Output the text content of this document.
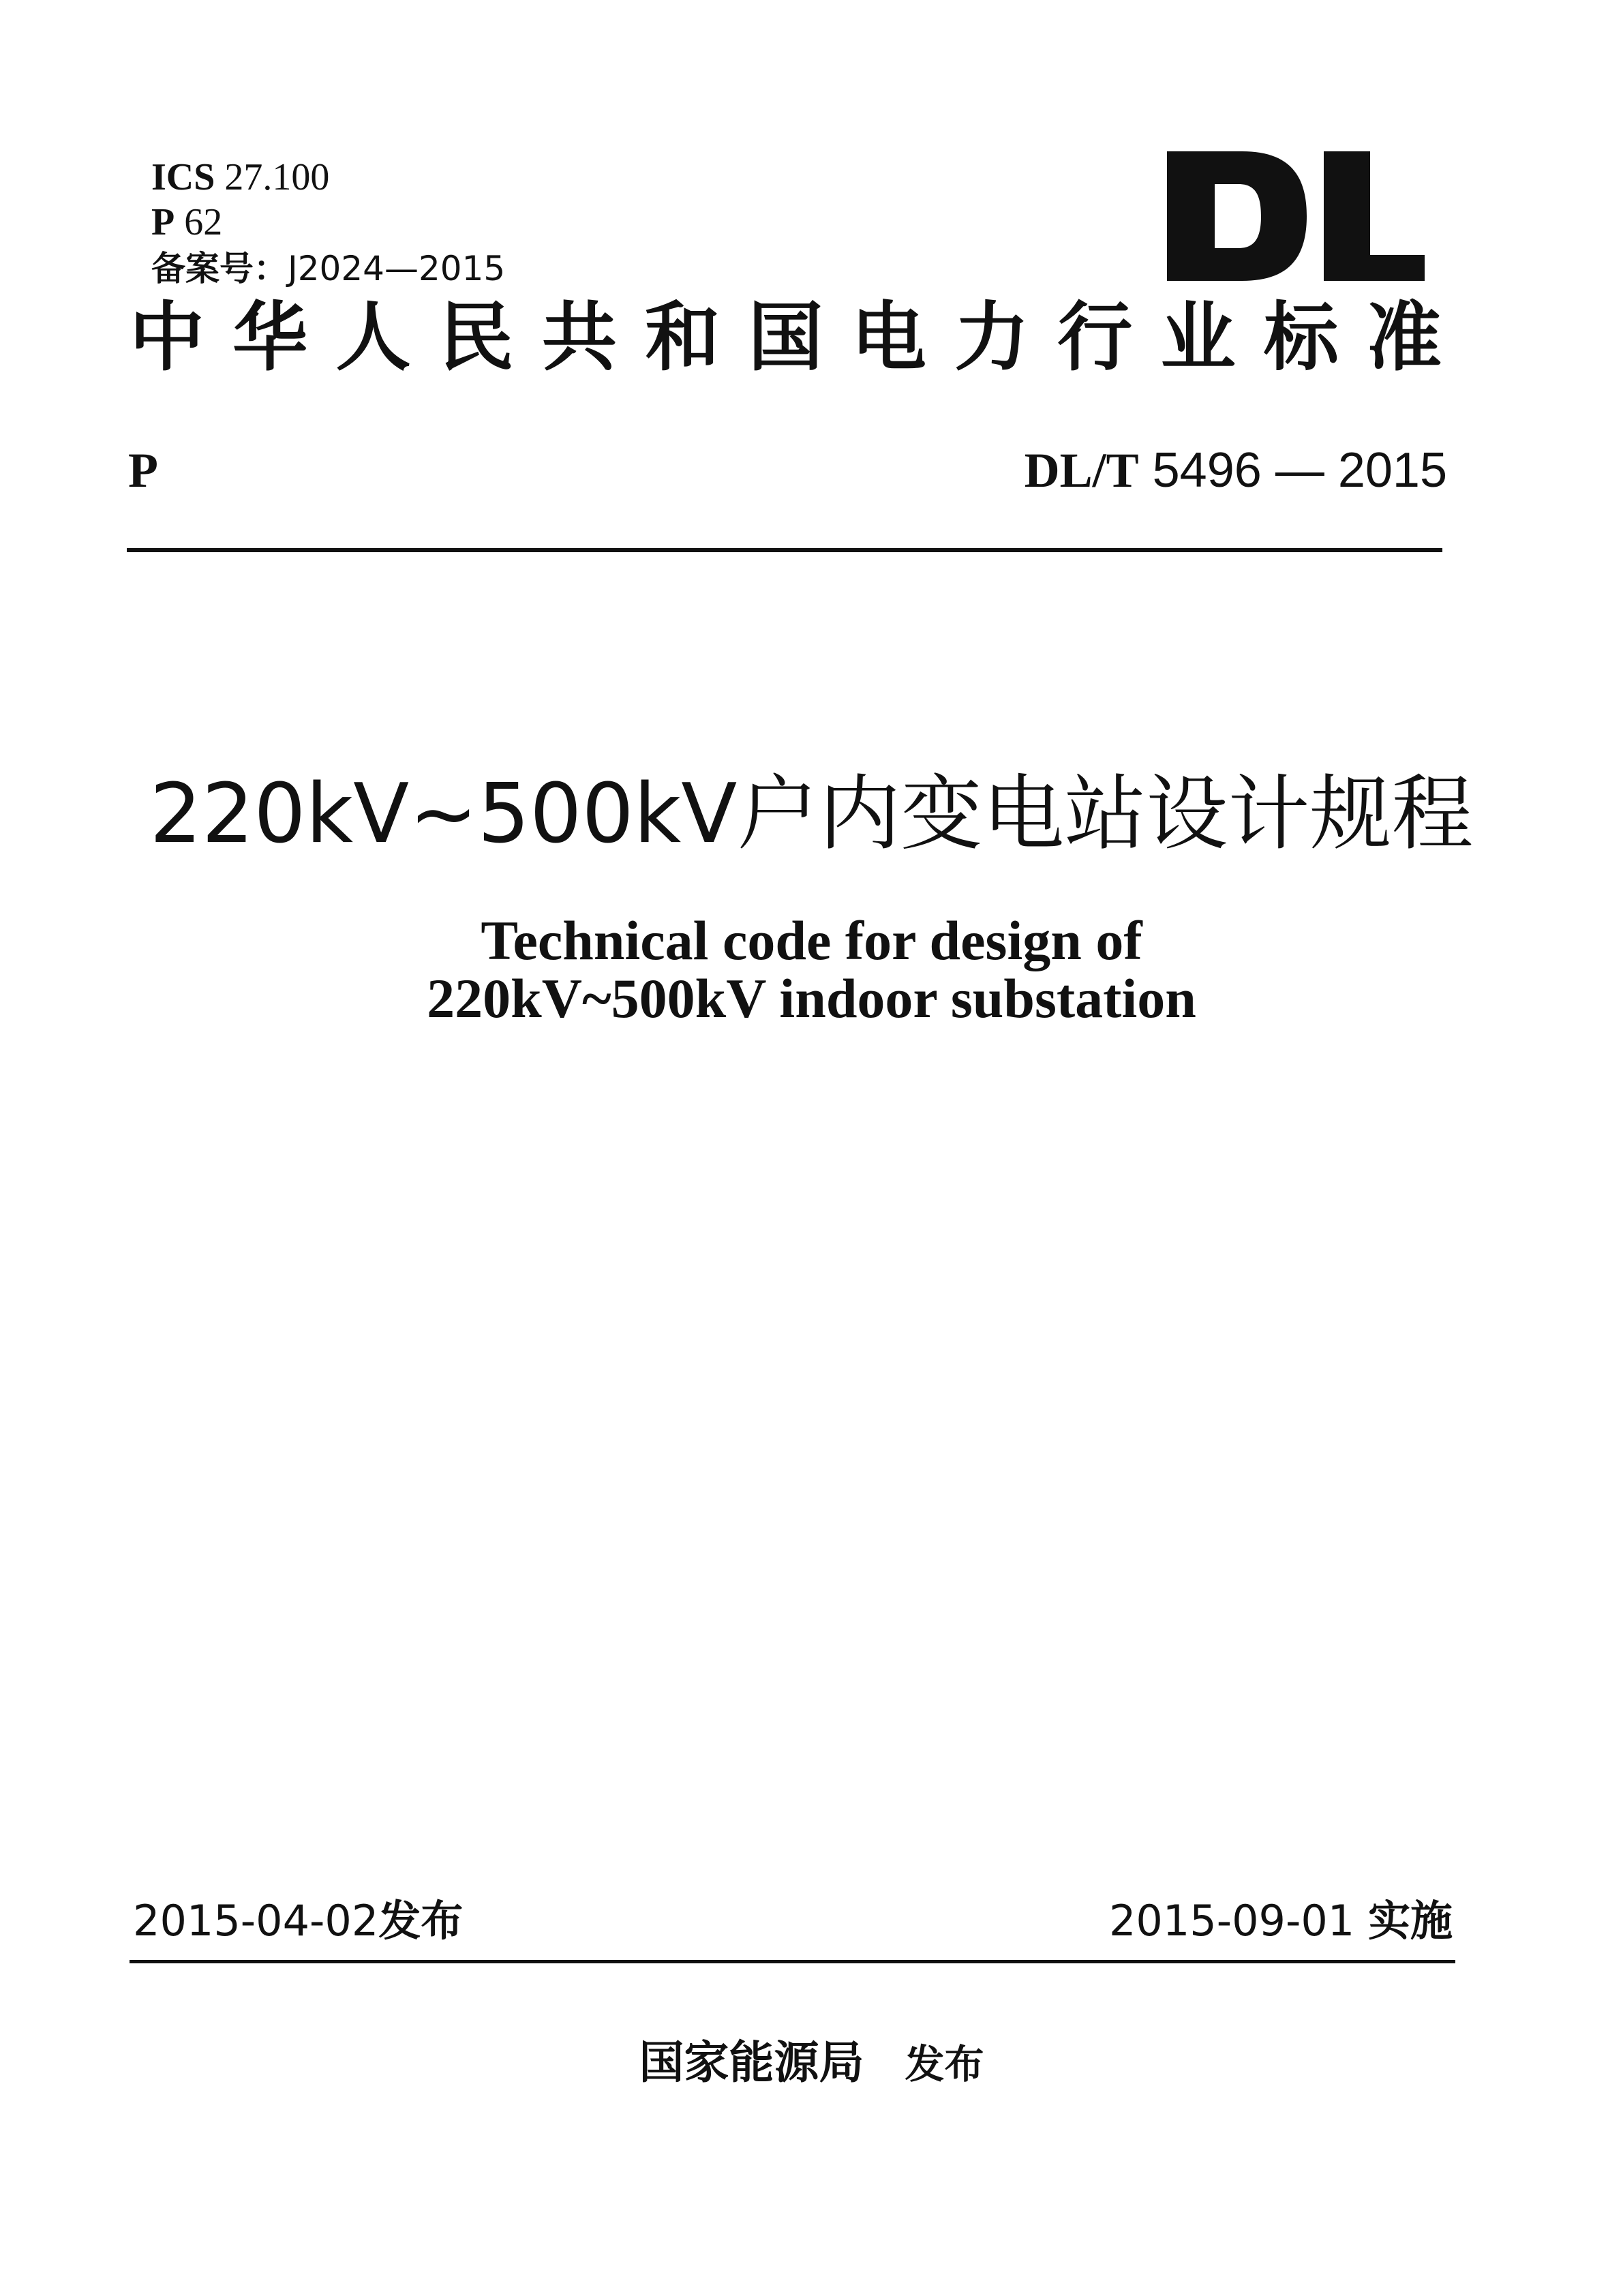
ICS 27.100
P 62
备案号：J2024—2015
中 华 人 民 共 和 国 电 力 行 业 标 准
P	DL/T 5496 — 2015
220kV~500kV户内变电站设计规程
Technical code for design of
220kV~500kV indoor substation
2015-04-02发布	2015-09-01 实施
国家能源局 发布
